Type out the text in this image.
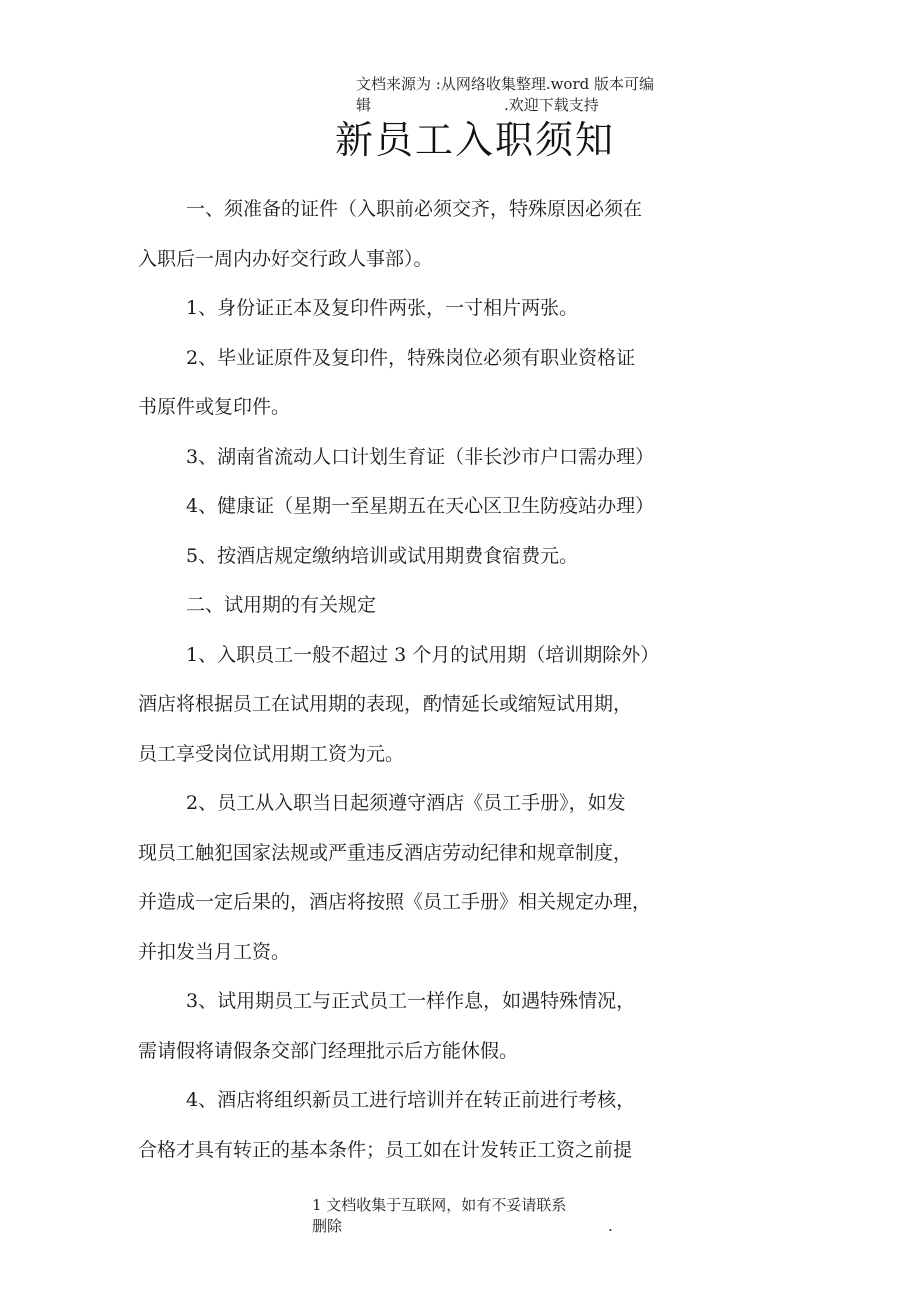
文档来源为 :从网络收集整理.word 版本可编
辑	.欢迎下载支持
新员工入职须知
一、须准备的证件（入职前必须交齐，特殊原因必须在
入职后一周内办好交行政人事部）。
1、身份证正本及复印件两张，一寸相片两张。
2、毕业证原件及复印件，特殊岗位必须有职业资格证
书原件或复印件。
3、湖南省流动人口计划生育证（非长沙市户口需办理）
4、健康证（星期一至星期五在天心区卫生防疫站办理）
5、按酒店规定缴纳培训或试用期费食宿费元。
二、试用期的有关规定
1、入职员工一般不超过 3 个月的试用期（培训期除外）
酒店将根据员工在试用期的表现，酌情延长或缩短试用期，
员工享受岗位试用期工资为元。
2、员工从入职当日起须遵守酒店《员工手册》，如发
现员工触犯国家法规或严重违反酒店劳动纪律和规章制度，
并造成一定后果的，酒店将按照《员工手册》相关规定办理，
并扣发当月工资。
3、试用期员工与正式员工一样作息，如遇特殊情况，
需请假将请假条交部门经理批示后方能休假。
4、酒店将组织新员工进行培训并在转正前进行考核，
合格才具有转正的基本条件；员工如在计发转正工资之前提
1 文档收集于互联网，如有不妥请联系
删除	.
